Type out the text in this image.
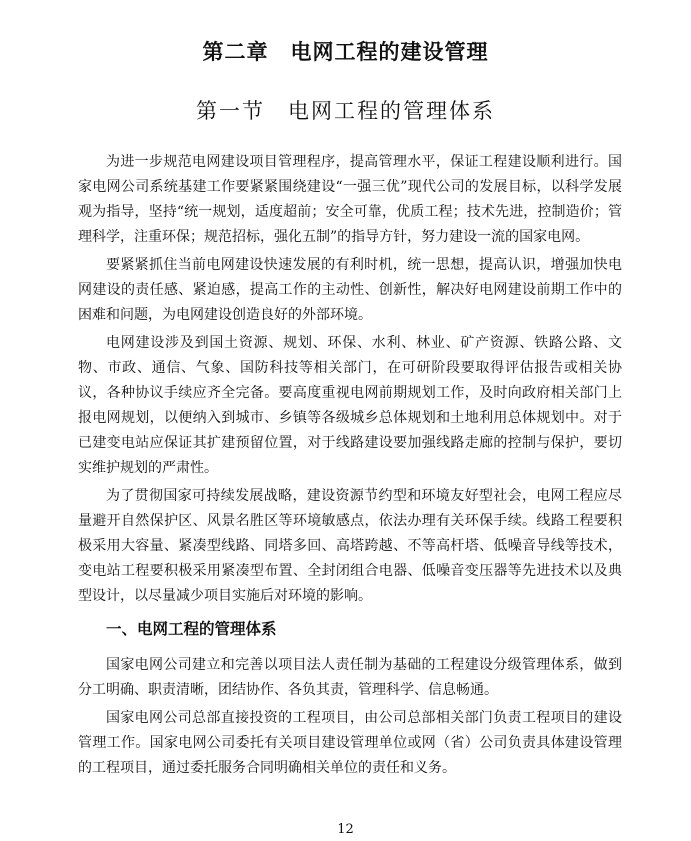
第二章　电网工程的建设管理
第一节　电网工程的管理体系

为进一步规范电网建设项目管理程序，提高管理水平，保证工程建设顺利进行。国家电网公司系统基建工作要紧紧围绕建设“一强三优”现代公司的发展目标，以科学发展观为指导，坚持“统一规划，适度超前；安全可靠，优质工程；技术先进，控制造价；管理科学，注重环保；规范招标，强化五制”的指导方针，努力建设一流的国家电网。

要紧紧抓住当前电网建设快速发展的有利时机，统一思想，提高认识，增强加快电网建设的责任感、紧迫感，提高工作的主动性、创新性，解决好电网建设前期工作中的困难和问题，为电网建设创造良好的外部环境。

电网建设涉及到国土资源、规划、环保、水利、林业、矿产资源、铁路公路、文物、市政、通信、气象、国防科技等相关部门，在可研阶段要取得评估报告或相关协议，各种协议手续应齐全完备。要高度重视电网前期规划工作，及时向政府相关部门上报电网规划，以便纳入到城市、乡镇等各级城乡总体规划和土地利用总体规划中。对于已建变电站应保证其扩建预留位置，对于线路建设要加强线路走廊的控制与保护，要切实维护规划的严肃性。

为了贯彻国家可持续发展战略，建设资源节约型和环境友好型社会，电网工程应尽量避开自然保护区、风景名胜区等环境敏感点，依法办理有关环保手续。线路工程要积极采用大容量、紧凑型线路、同塔多回、高塔跨越、不等高杆塔、低噪音导线等技术，变电站工程要积极采用紧凑型布置、全封闭组合电器、低噪音变压器等先进技术以及典型设计，以尽量减少项目实施后对环境的影响。

一、电网工程的管理体系

国家电网公司建立和完善以项目法人责任制为基础的工程建设分级管理体系，做到分工明确、职责清晰，团结协作、各负其责，管理科学、信息畅通。

国家电网公司总部直接投资的工程项目，由公司总部相关部门负责工程项目的建设管理工作。国家电网公司委托有关项目建设管理单位或网（省）公司负责具体建设管理的工程项目，通过委托服务合同明确相关单位的责任和义务。

12
